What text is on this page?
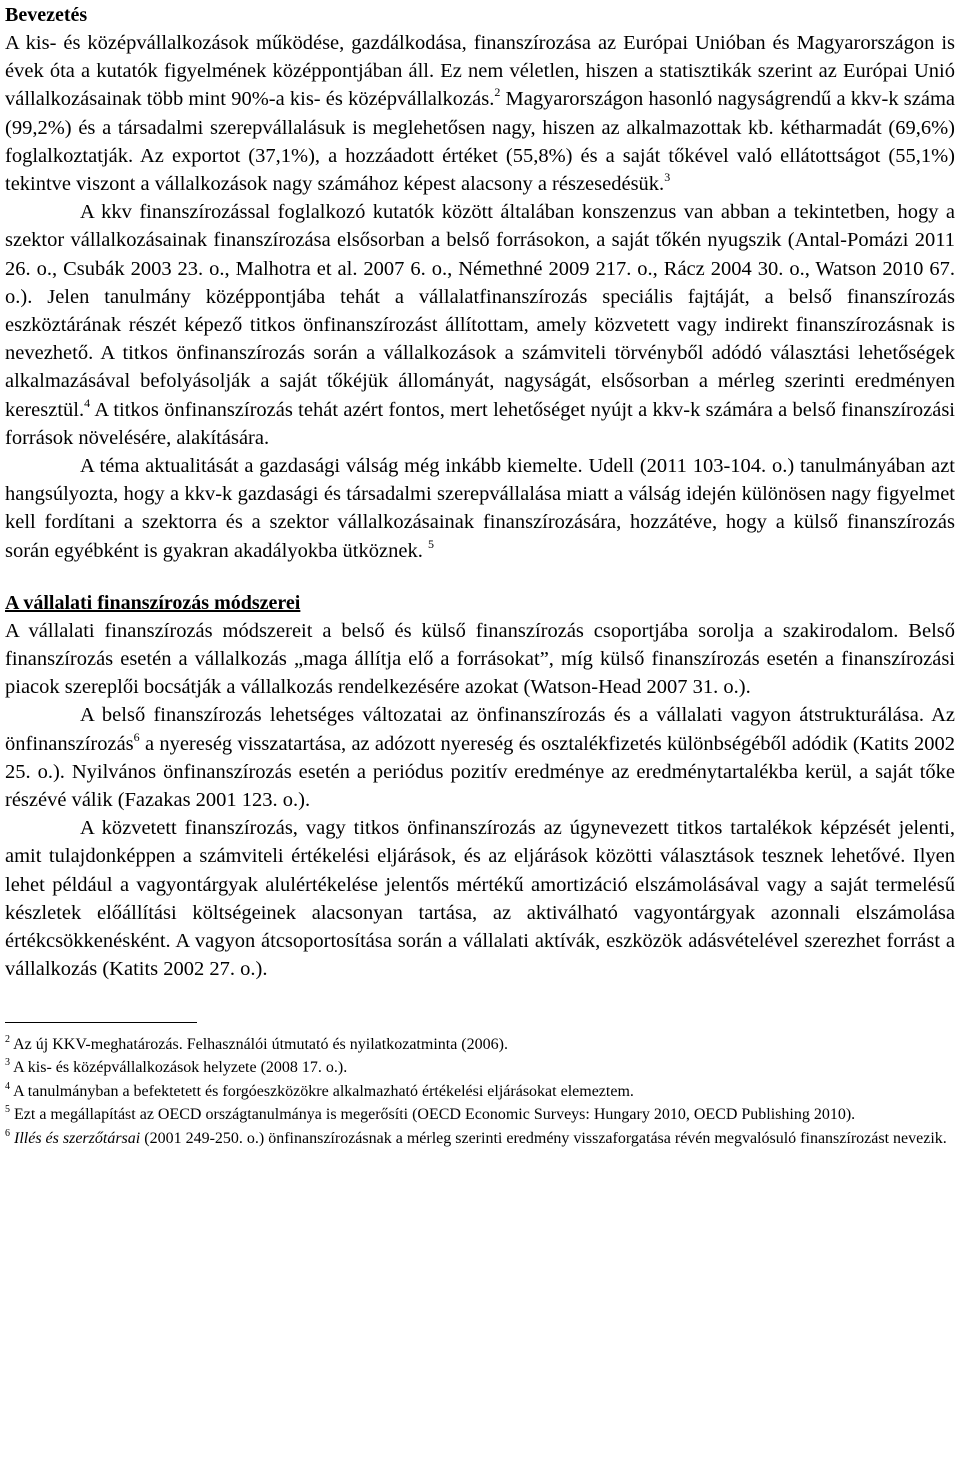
Bevezetés

A kis- és középvállalkozások működése, gazdálkodása, finanszírozása az Európai Unióban és Magyarországon is évek óta a kutatók figyelmének középpontjában áll. Ez nem véletlen, hiszen a statisztikák szerint az Európai Unió vállalkozásainak több mint 90%-a kis- és középvállalkozás.$^2$ Magyarországon hasonló nagyságrendű a kkv-k száma (99,2%) és a társadalmi szerepvállalásuk is meglehetősen nagy, hiszen az alkalmazottak kb. kétharmadát (69,6%) foglalkoztatják. Az exportot (37,1%), a hozzáadott értéket (55,8%) és a saját tőkével való ellátottságot (55,1%) tekintve viszont a vállalkozások nagy számához képest alacsony a részesedésük.$^3$

A kkv finanszírozással foglalkozó kutatók között általában konszenzus van abban a tekintetben, hogy a szektor vállalkozásainak finanszírozása elsősorban a belső forrásokon, a saját tőkén nyugszik (Antal-Pomázi 2011 26. o., Csubák 2003 23. o., Malhotra et al. 2007 6. o., Némethné 2009 217. o., Rácz 2004 30. o., Watson 2010 67. o.). Jelen tanulmány középpontjába tehát a vállalatfinanszírozás speciális fajtáját, a belső finanszírozás eszköztárának részét képező titkos önfinanszírozást állítottam, amely közvetett vagy indirekt finanszírozásnak is nevezhető. A titkos önfinanszírozás során a vállalkozások a számviteli törvényből adódó választási lehetőségek alkalmazásával befolyásolják a saját tőkéjük állományát, nagyságát, elsősorban a mérleg szerinti eredményen keresztül.$^4$ A titkos önfinanszírozás tehát azért fontos, mert lehetőséget nyújt a kkv-k számára a belső finanszírozási források növelésére, alakítására.

A téma aktualitását a gazdasági válság még inkább kiemelte. Udell (2011 103-104. o.) tanulmányában azt hangsúlyozta, hogy a kkv-k gazdasági és társadalmi szerepvállalása miatt a válság idején különösen nagy figyelmet kell fordítani a szektorra és a szektor vállalkozásainak finanszírozására, hozzátéve, hogy a külső finanszírozás során egyébként is gyakran akadályokba ütköznek. $^5$

A vállalati finanszírozás módszerei

A vállalati finanszírozás módszereit a belső és külső finanszírozás csoportjába sorolja a szakirodalom. Belső finanszírozás esetén a vállalkozás „maga állítja elő a forrásokat”, míg külső finanszírozás esetén a finanszírozási piacok szereplői bocsátják a vállalkozás rendelkezésére azokat (Watson-Head 2007 31. o.).

A belső finanszírozás lehetséges változatai az önfinanszírozás és a vállalati vagyon átstrukturálása. Az önfinanszírozás$^6$ a nyereség visszatartása, az adózott nyereség és osztalékfizetés különbségéből adódik (Katits 2002 25. o.). Nyilvános önfinanszírozás esetén a periódus pozitív eredménye az eredménytartalékba kerül, a saját tőke részévé válik (Fazakas 2001 123. o.).

A közvetett finanszírozás, vagy titkos önfinanszírozás az úgynevezett titkos tartalékok képzését jelenti, amit tulajdonképpen a számviteli értékelési eljárások, és az eljárások közötti választások tesznek lehetővé. Ilyen lehet például a vagyontárgyak alulértékelése jelentős mértékű amortizáció elszámolásával vagy a saját termelésű készletek előállítási költségeinek alacsonyan tartása, az aktiválható vagyontárgyak azonnali elszámolása értékcsökkenésként. A vagyon átcsoportosítása során a vállalati aktívák, eszközök adásvételével szerezhet forrást a vállalkozás (Katits 2002 27. o.).

$^2$ Az új KKV-meghatározás. Felhasználói útmutató és nyilatkozatminta (2006).

$^3$ A kis- és középvállalkozások helyzete (2008 17. o.).

$^4$ A tanulmányban a befektetett és forgóeszközökre alkalmazható értékelési eljárásokat elemeztem.

$^5$ Ezt a megállapítást az OECD országtanulmánya is megerősíti (OECD Economic Surveys: Hungary 2010, OECD Publishing 2010).

$^6$ Illés és szerzőtársai (2001 249-250. o.) önfinanszírozásnak a mérleg szerinti eredmény visszaforgatása révén megvalósuló finanszírozást nevezik.
